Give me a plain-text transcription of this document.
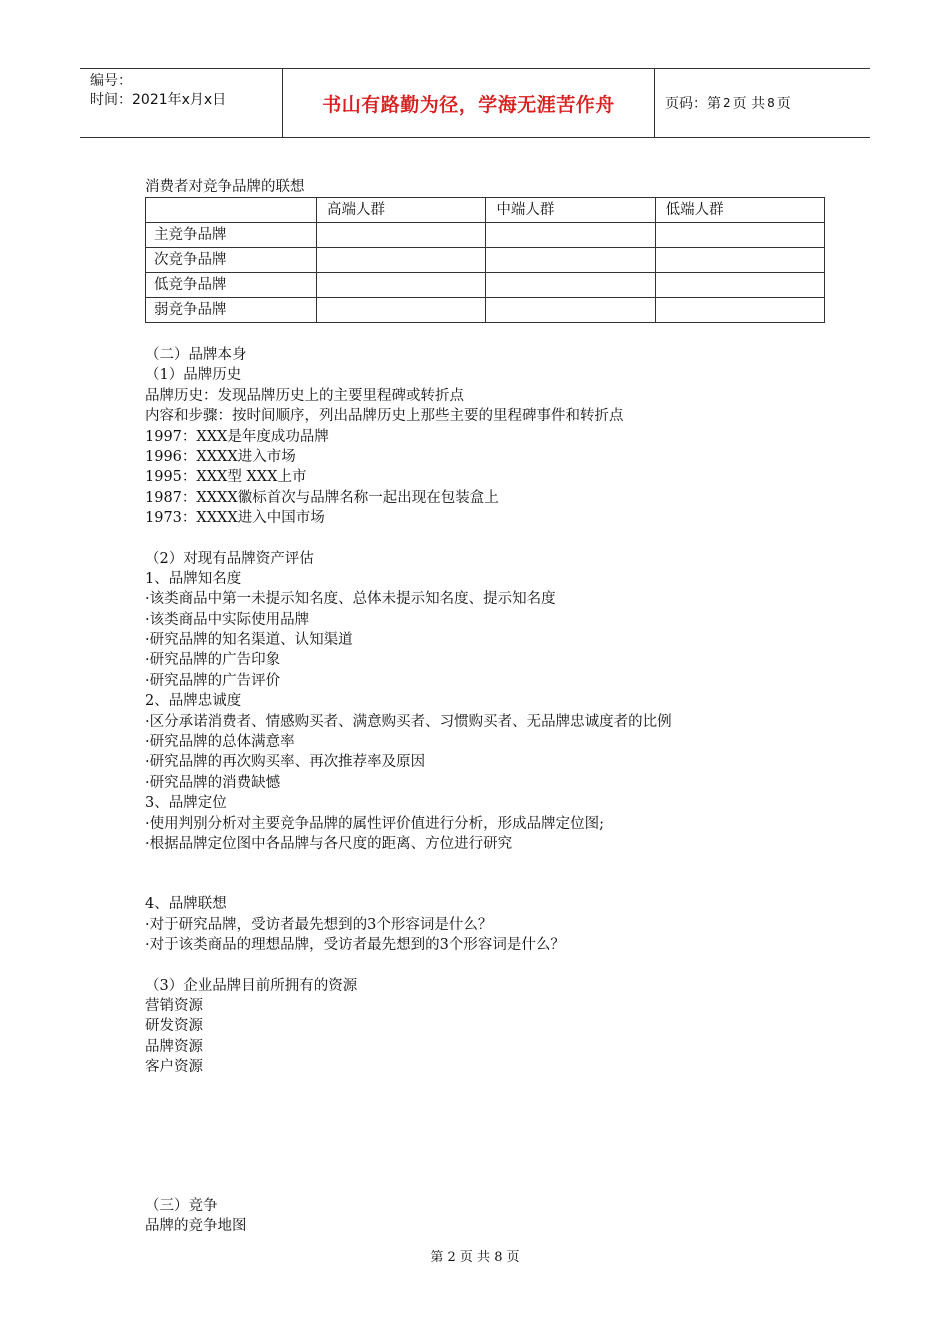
编号：
时间：2021年x月x日	书山有路勤为径，学海无涯苦作舟	页码：第 2 页 共 8 页
消费者对竞争品牌的联想
	高端人群	中端人群	低端人群
主竞争品牌			
次竞争品牌			
低竞争品牌			
弱竞争品牌			
（二）品牌本身
（1）品牌历史
品牌历史：发现品牌历史上的主要里程碑或转折点
内容和步骤：按时间顺序，列出品牌历史上那些主要的里程碑事件和转折点
1997：XXX是年度成功品牌
1996：XXXX进入市场
1995：XXX型 XXX上市
1987：XXXX徽标首次与品牌名称一起出现在包装盒上
1973：XXXX进入中国市场
（2）对现有品牌资产评估
1、品牌知名度
·该类商品中第一未提示知名度、总体未提示知名度、提示知名度
·该类商品中实际使用品牌
·研究品牌的知名渠道、认知渠道
·研究品牌的广告印象
·研究品牌的广告评价
2、品牌忠诚度
·区分承诺消费者、情感购买者、满意购买者、习惯购买者、无品牌忠诚度者的比例
·研究品牌的总体满意率
·研究品牌的再次购买率、再次推荐率及原因
·研究品牌的消费缺憾
3、品牌定位
·使用判别分析对主要竞争品牌的属性评价值进行分析，形成品牌定位图;
·根据品牌定位图中各品牌与各尺度的距离、方位进行研究
4、品牌联想
·对于研究品牌，受访者最先想到的3个形容词是什么？
·对于该类商品的理想品牌，受访者最先想到的3个形容词是什么？
（3）企业品牌目前所拥有的资源
营销资源
研发资源
品牌资源
客户资源
（三）竞争
品牌的竞争地图
第 2 页 共 8 页
